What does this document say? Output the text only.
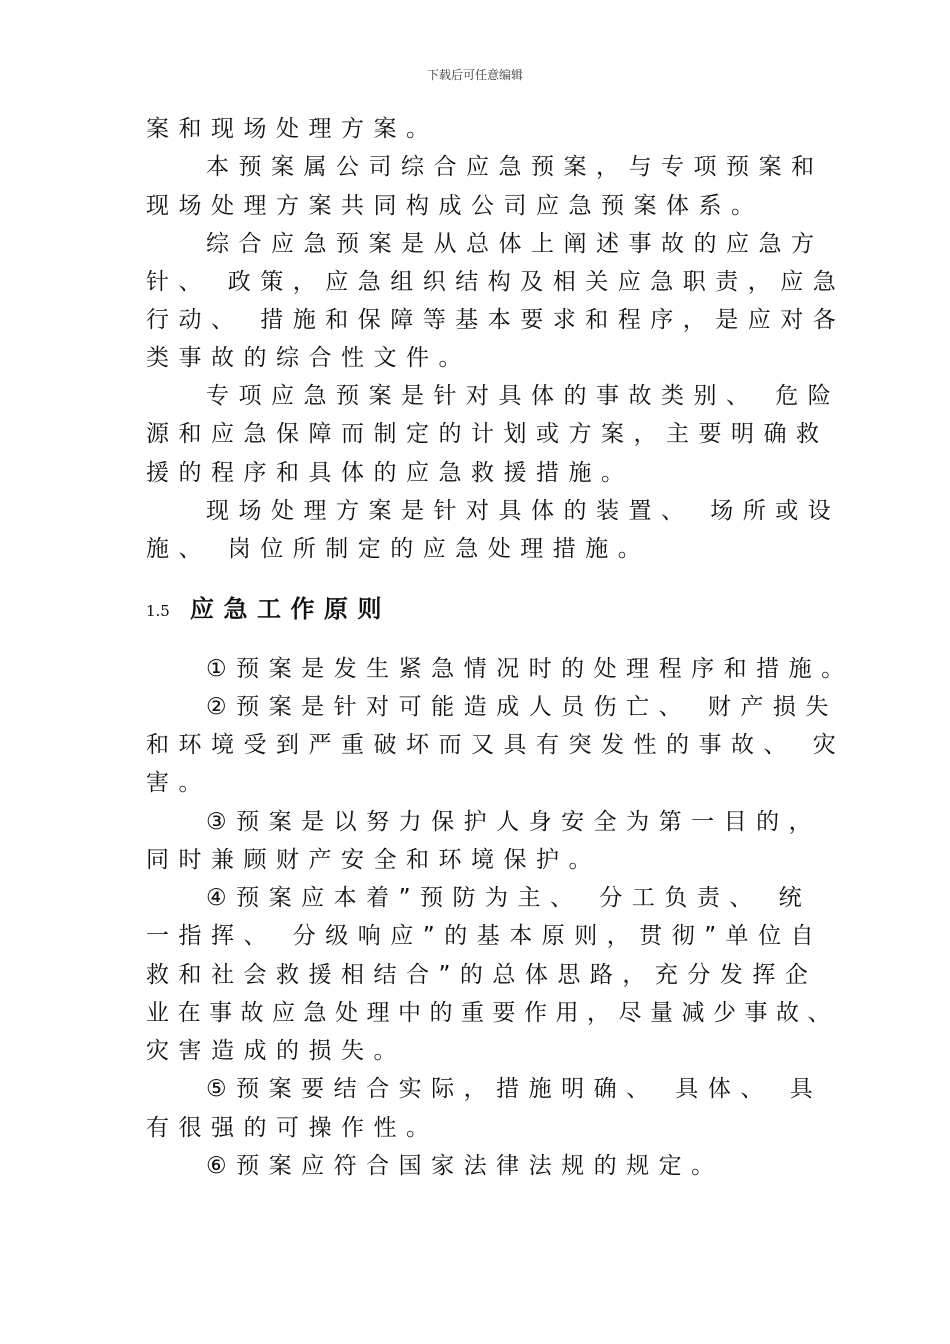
下载后可任意编辑
案和现场处理方案。
本预案属公司综合应急预案，与专项预案和
现场处理方案共同构成公司应急预案体系。
综合应急预案是从总体上阐述事故的应急方
针、 政策，应急组织结构及相关应急职责，应急
行动、 措施和保障等基本要求和程序，是应对各
类事故的综合性文件。
专项应急预案是针对具体的事故类别、 危险
源和应急保障而制定的计划或方案，主要明确救
援的程序和具体的应急救援措施。
现场处理方案是针对具体的装置、 场所或设
施、 岗位所制定的应急处理措施。
1.5 应急工作原则
①预案是发生紧急情况时的处理程序和措施。
②预案是针对可能造成人员伤亡、 财产损失
和环境受到严重破坏而又具有突发性的事故、 灾
害。
③预案是以努力保护人身安全为第一目的，
同时兼顾财产安全和环境保护。
④预案应本着”预防为主、 分工负责、 统
一指挥、 分级响应”的基本原则，贯彻”单位自
救和社会救援相结合”的总体思路，充分发挥企
业在事故应急处理中的重要作用，尽量减少事故、
灾害造成的损失。
⑤预案要结合实际，措施明确、 具体、 具
有很强的可操作性。
⑥预案应符合国家法律法规的规定。
